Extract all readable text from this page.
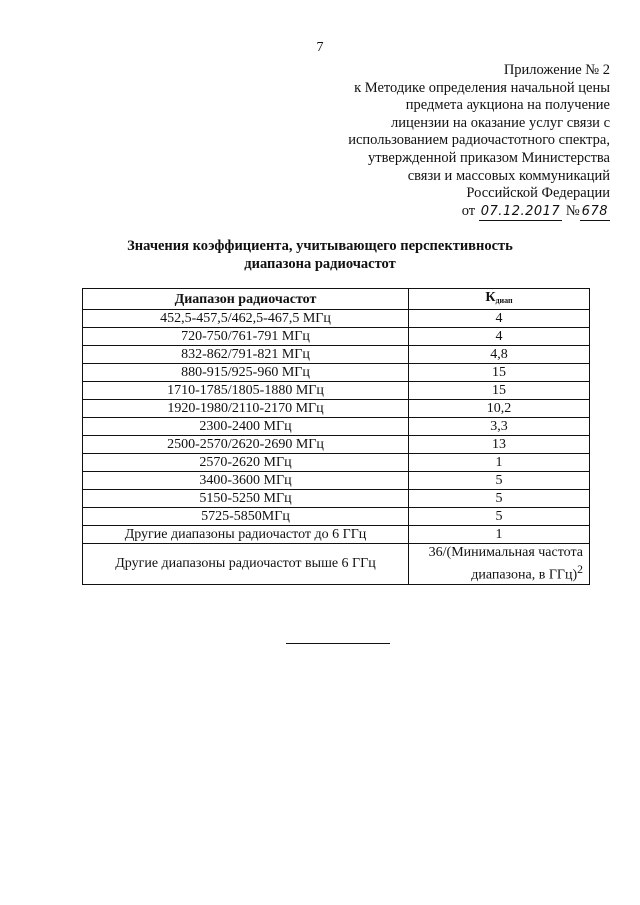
7
Приложение № 2
к Методике определения начальной цены
предмета аукциона на получение
лицензии на оказание услуг связи с
использованием радиочастотного спектра,
утвержденной приказом Министерства
связи и массовых коммуникаций
Российской Федерации
от 07.12.2017 № 678
Значения коэффициента, учитывающего перспективность
диапазона радиочастот
Диапазон радиочастот	Кдиап
452,5-457,5/462,5-467,5 МГц	4
720-750/761-791 МГц	4
832-862/791-821 МГц	4,8
880-915/925-960 МГц	15
1710-1785/1805-1880 МГц	15
1920-1980/2110-2170 МГц	10,2
2300-2400 МГц	3,3
2500-2570/2620-2690 МГц	13
2570-2620 МГц	1
3400-3600 МГц	5
5150-5250 МГц	5
5725-5850МГц	5
Другие диапазоны радиочастот до 6 ГГц	1
Другие диапазоны радиочастот выше 6 ГГц	36/(Минимальная частота
диапазона, в ГГц)$^2$
